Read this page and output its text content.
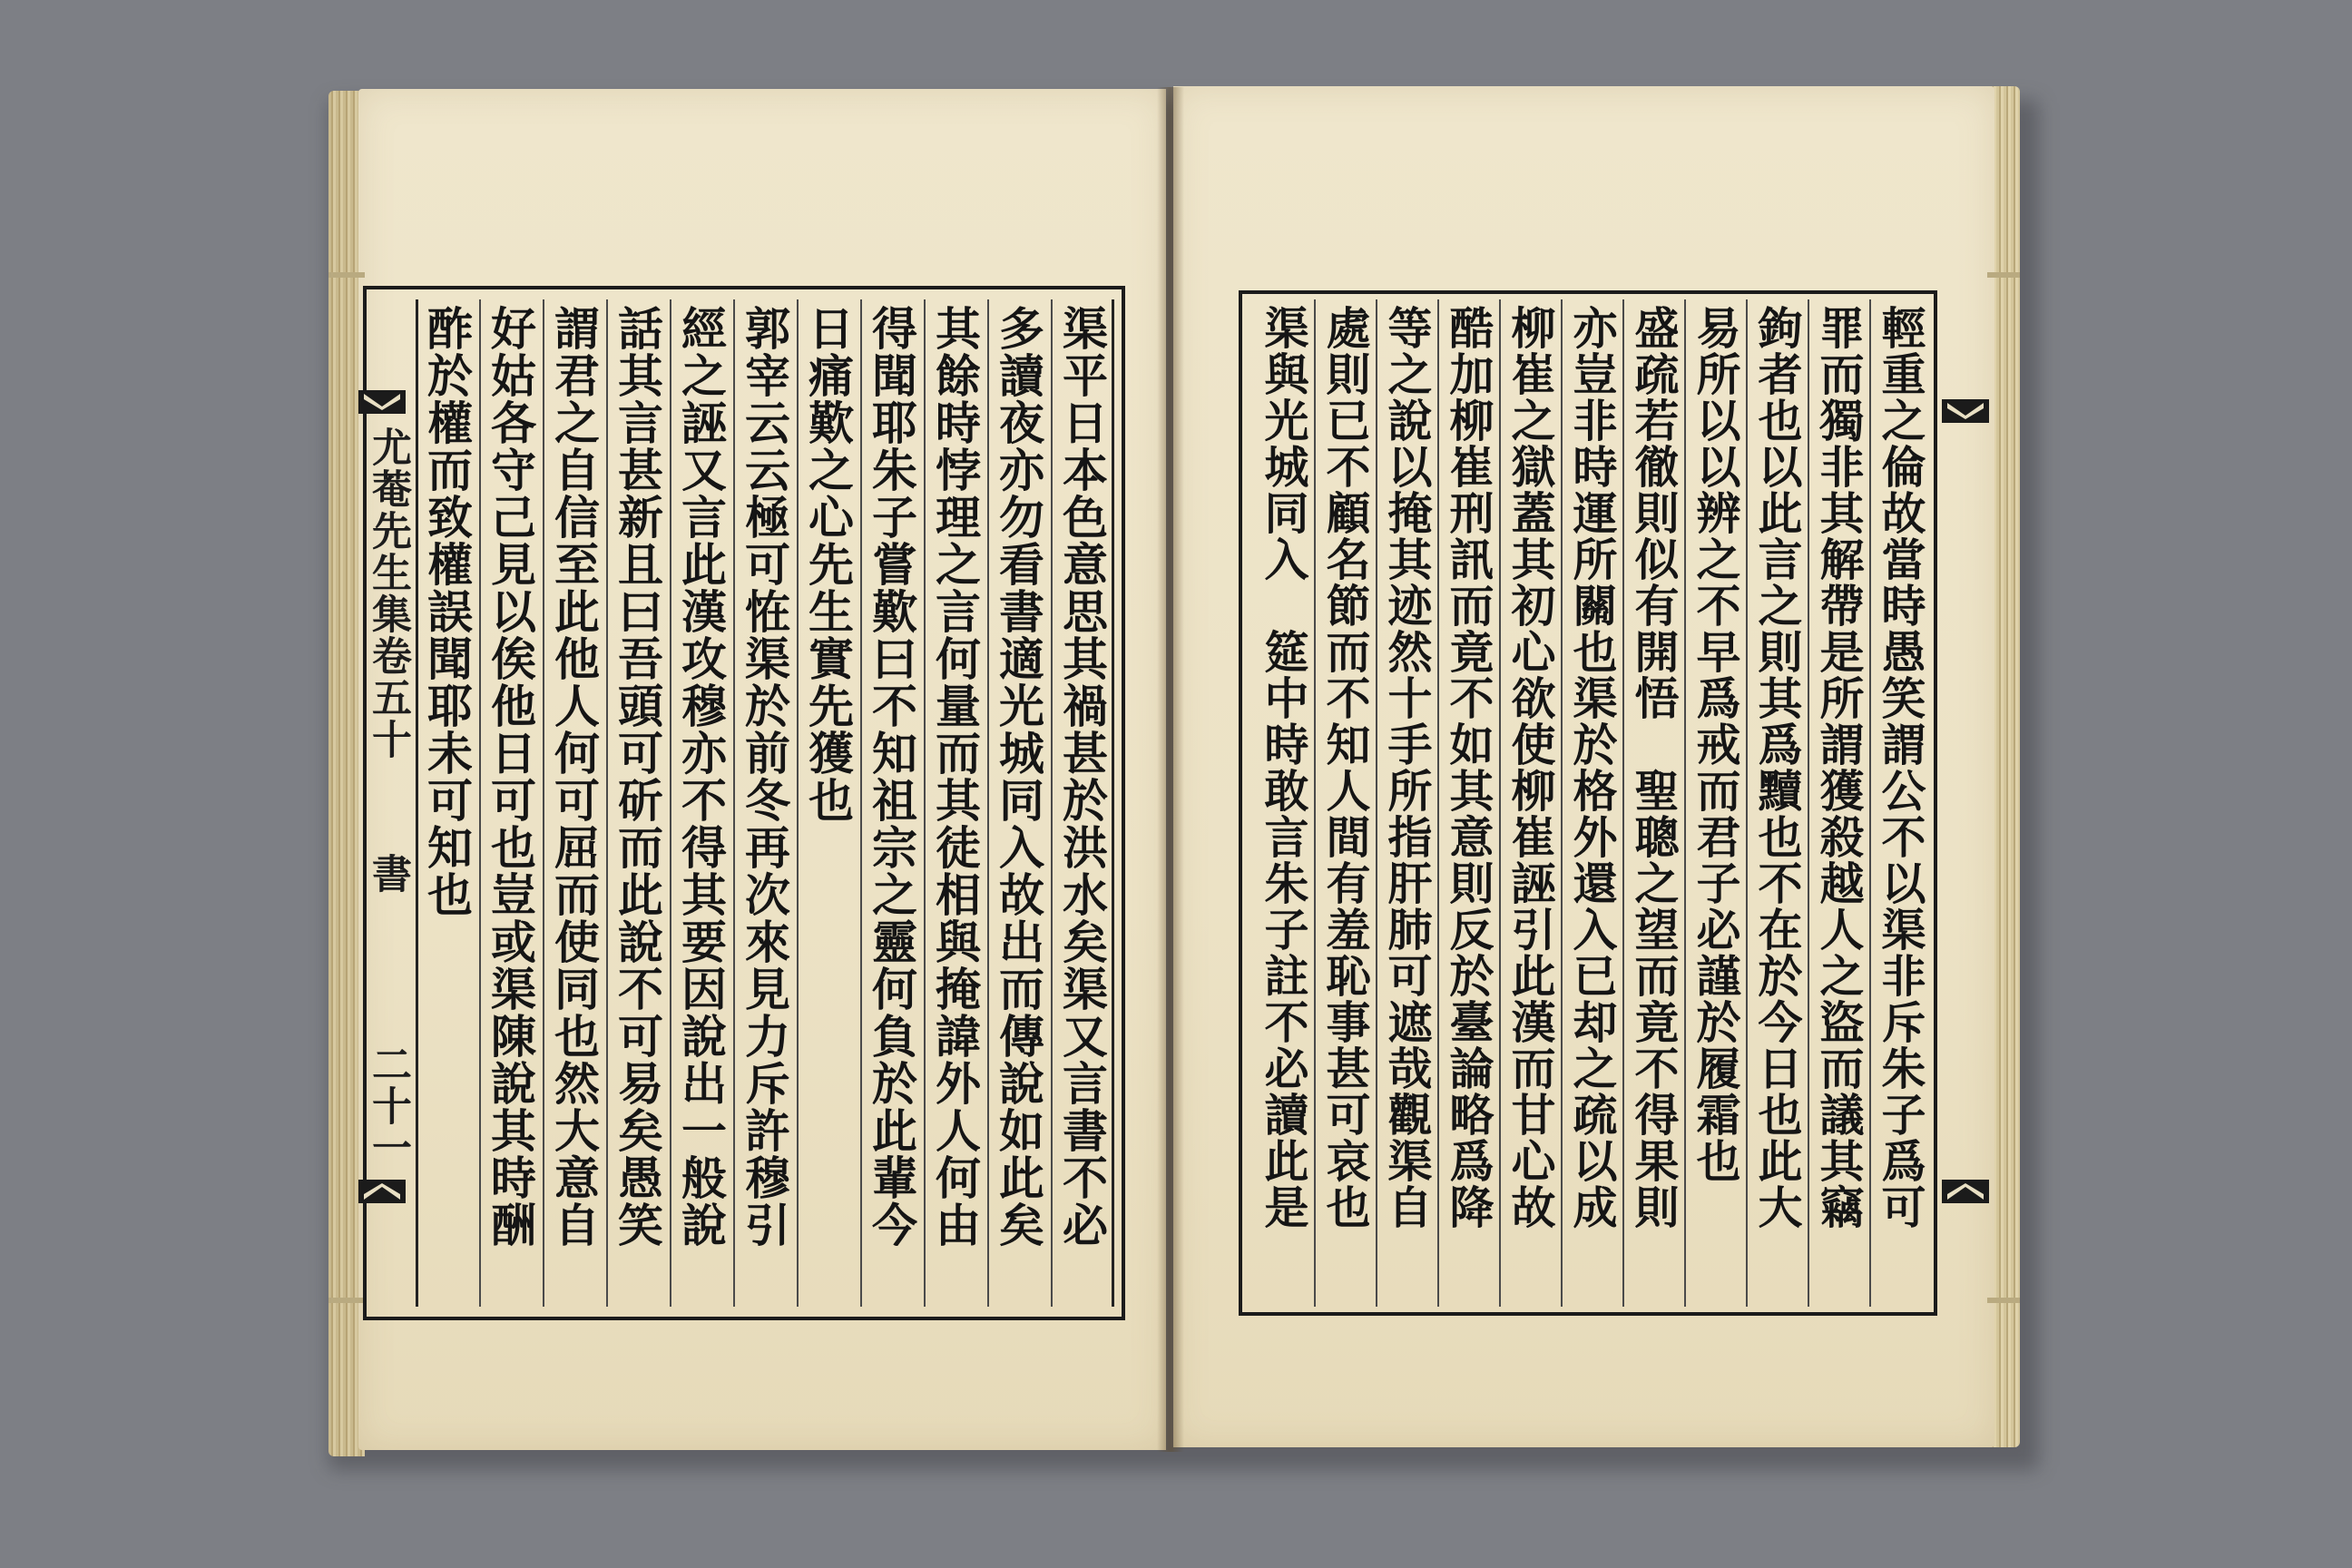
尤菴先生集卷五十
書
二十一	渠平日本色意思其禍甚於洪水矣渠又言書不必
多讀夜亦勿看書適光城同入故出而傳說如此矣
其餘時悖理之言何量而其徒相與掩諱外人何由
得聞耶朱子嘗歎曰不知祖宗之靈何負於此輩今
日痛歎之心先生實先獲也
郭宰云云極可恠渠於前冬再次來見力斥許穆引
經之誣又言此漢攻穆亦不得其要因說出一般說
話其言甚新且曰吾頭可斫而此說不可易矣愚笑
謂君之自信至此他人何可屈而使同也然大意自
好姑各守己見以俟他日可也豈或渠陳說其時酬
酢於權而致權誤聞耶未可知也	輕重之倫故當時愚笑謂公不以渠非斥朱子爲可
罪而獨非其解帶是所謂獲殺越人之盜而議其竊
鉤者也以此言之則其爲黷也不在於今日也此大
易所以以辨之不早爲戒而君子必謹於履霜也
盛疏若徹則似有開悟　聖聰之望而竟不得果則
亦豈非時運所關也渠於格外還入已却之疏以成
柳崔之獄蓋其初心欲使柳崔誣引此漢而甘心故
酷加柳崔刑訊而竟不如其意則反於臺論略爲降
等之說以掩其迹然十手所指肝肺可遮哉觀渠自
處則已不顧名節而不知人間有羞恥事甚可哀也
渠與光城同入　筵中時敢言朱子註不必讀此是
